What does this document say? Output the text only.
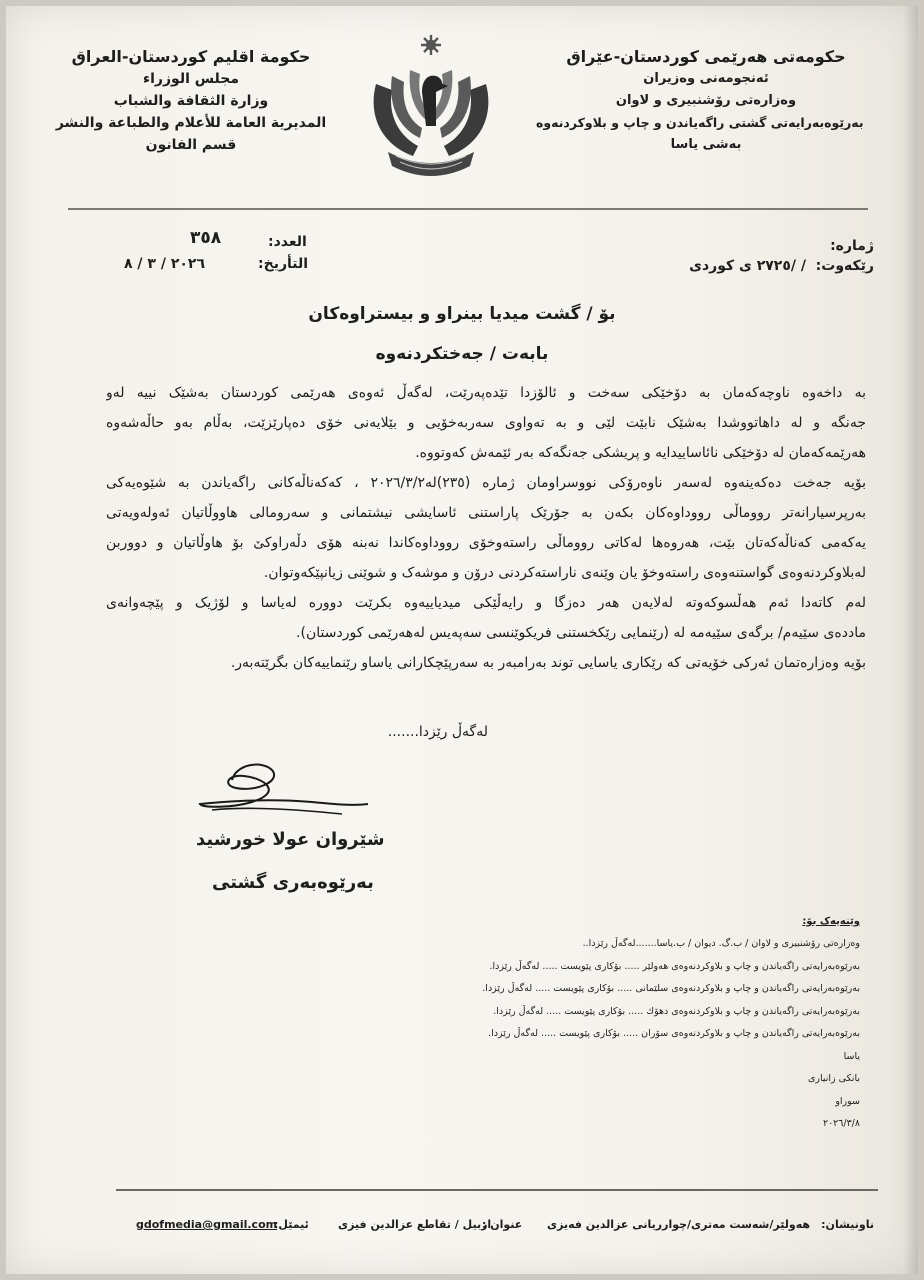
حكومة اقليم كوردستان-العراق
مجلس الوزراء
وزارة الثقافة والشباب
المديرية العامة للأعلام والطباعة والنشر
قسم الفانون
حكومەتی هەرێمی کوردستان-عێراق
ئەنجومەنی وەزیران
وەزارەتی رۆشنبیری و لاوان
بەرێوەبەرایەتی گشتی راگەیاندن و چاپ و بلاوکردنەوە
بەشی یاسا
العدد:
٣٥٨
التأريخ:
٢٠٢٦ / ٣ / ٨
ژمارە:
رێکەوت:
/ /٢٧٢٥ ی کوردی
بۆ / گشت میدیا بینراو و بیستراوەکان
بابەت / جەختکردنەوە
بە داخەوە ناوچەکەمان بە دۆخێکی سەخت و ئالۆزدا تێدەپەرێت، لەگەڵ ئەوەی هەرێمی کوردستان بەشێک نییە لەو
جەنگە و لە داهاتووشدا بەشێک نابێت لێی و بە تەواوی سەربەخۆیی و بێلایەنی خۆی دەپارێزێت، بەڵام بەو حاڵەشەوە
هەرێمەکەمان لە دۆخێکی نائاساییدایە و پریشکی جەنگەکە بەر ئێمەش کەوتووە.
بۆیە جەخت دەکەینەوە لەسەر ناوەرۆکی نووسراومان ژمارە (٢٣٥)لە٢٠٢٦/٣/٢ ، کەکەناڵەکانی راگەیاندن بە شێوەیەکی
بەرپرسیارانەتر رووماڵی رووداوەکان بکەن بە جۆرێک پاراستنی ئاسایشی نیشتمانی و سەرومالی هاووڵاتیان ئەولەویەتی
یەکەمی کەناڵەکەتان بێت، هەروەها لەکاتی رووماڵی راستەوخۆی رووداوەکاندا نەبنە هۆی دڵەراوکێ بۆ هاوڵاتیان و دووربن
لەبلاوکردنەوەی گواستنەوەی راستەوخۆ یان وێنەی ناراستەکردنی درۆن و موشەک و شوێنی زیانپێکەوتوان.
لەم کاتەدا ئەم هەڵسوکەوتە لەلایەن هەر دەزگا و رایەڵێکی میدیاییەوە بکرێت دووره لەیاسا و لۆژیک و پێچەوانەی
ماددەی سێیەم/ برگەی سێیەمە لە (رێنمایی رێکخستنی فریکوێنسی سەپەیس لەهەرێمی کوردستان).
بۆیە وەزارەتمان ئەرکی خۆیەتی کە رێکاری یاسایی توند بەرامبەر بە سەرپێچکارانی یاساو رێنماییەکان بگرێتەبەر.
لەگەڵ رێزدا.......
شێروان عولا خورشید
بەرێوەبەری گشتی
وێنەیەک بۆ:
وەزارەتی رۆشنبیری و لاوان / ب.گ. دیوان / ب.یاسا.......لەگەڵ رێزدا..
بەرێوەبەرایەتی راگەیاندن و چاپ و بلاوکردنەوەی هەولێر ..... بۆکاری پێویست ..... لەگەڵ رێزدا.
بەرێوەبەرایەتی راگەیاندن و چاپ و بلاوکردنەوەی سلێمانی ..... بۆکاری پێویست ..... لەگەڵ رێزدا.
بەرێوەبەرایەتی راگەیاندن و چاپ و بلاوکردنەوەی دهۆك ..... بۆکاری پێویست ..... لەگەڵ رێزدا.
بەرێوەبەرایەتی راگەیاندن و چاپ و بلاوکردنەوەی سۆران ..... بۆکاری پێویست ..... لەگەڵ رێزدا.
یاسا
بانکی زانیاری
سوراو
٢٠٢٦/٣/٨
ئیمێل:
gdofmedia@gmail.com	عنوان :
اربيل / تقاطع عزالدين فيزى	ناونیشان:
هەولێر/شەست مەتری/چوارریانی عزالدین فەیزی
